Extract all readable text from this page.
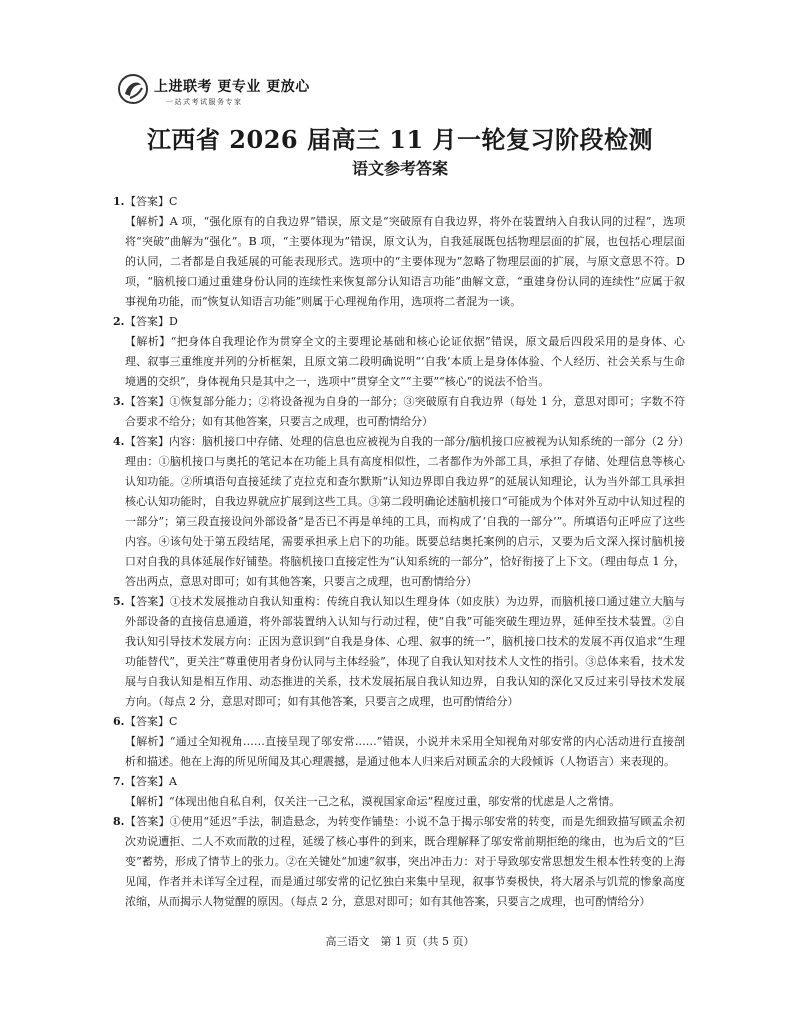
上进联考 更专业 更放心
一站式考试服务专家
江西省 2026 届高三 11 月一轮复习阶段检测
语文参考答案
1. 【答案】C

【解析】A 项，“强化原有的自我边界”错误，原文是“突破原有自我边界，将外在装置纳入自我认同的过程”，选项将“突破”曲解为“强化”。B 项，“主要体现为”错误，原文认为，自我延展既包括物理层面的扩展，也包括心理层面的认同，二者都是自我延展的可能表现形式。选项中的“主要体现为”忽略了物理层面的扩展，与原文意思不符。D 项，“脑机接口通过重建身份认同的连续性来恢复部分认知语言功能”曲解文意，“重建身份认同的连续性”应属于叙事视角功能，而“恢复认知语言功能”则属于心理视角作用，选项将二者混为一谈。

2. 【答案】D

【解析】“把身体自我理论作为贯穿全文的主要理论基础和核心论证依据”错误，原文最后四段采用的是身体、心理、叙事三重维度并列的分析框架，且原文第二段明确说明“‘自我’本质上是身体体验、个人经历、社会关系与生命境遇的交织”，身体视角只是其中之一，选项中“贯穿全文”“主要”“核心”的说法不恰当。

3. 【答案】①恢复部分能力；②将设备视为自身的一部分；③突破原有自我边界（每处 1 分，意思对即可；字数不符合要求不给分；如有其他答案，只要言之成理，也可酌情给分）

4. 【答案】内容：脑机接口中存储、处理的信息也应被视为自我的一部分/脑机接口应被视为认知系统的一部分（2 分）

理由：①脑机接口与奥托的笔记本在功能上具有高度相似性，二者都作为外部工具，承担了存储、处理信息等核心认知功能。②所填语句直接延续了克拉克和查尔默斯“认知边界即自我边界”的延展认知理论，认为当外部工具承担核心认知功能时，自我边界就应扩展到这些工具。③第二段明确论述脑机接口“可能成为个体对外互动中认知过程的一部分”；第三段直接设问外部设备“是否已不再是单纯的工具，而构成了‘自我的一部分’”。所填语句正呼应了这些内容。④该句处于第五段结尾，需要承担承上启下的功能。既要总结奥托案例的启示，又要为后文深入探讨脑机接口对自我的具体延展作好铺垫。将脑机接口直接定性为“认知系统的一部分”，恰好衔接了上下文。（理由每点 1 分，答出两点，意思对即可；如有其他答案，只要言之成理，也可酌情给分）

5. 【答案】①技术发展推动自我认知重构：传统自我认知以生理身体（如皮肤）为边界，而脑机接口通过建立大脑与外部设备的直接信息通道，将外部装置纳入认知与行动过程，使“自我”可能突破生理边界，延伸至技术装置。②自我认知引导技术发展方向：正因为意识到“自我是身体、心理、叙事的统一”，脑机接口技术的发展不再仅追求“生理功能替代”，更关注“尊重使用者身份认同与主体经验”，体现了自我认知对技术人文性的指引。③总体来看，技术发展与自我认知是相互作用、动态推进的关系，技术发展拓展自我认知边界，自我认知的深化又反过来引导技术发展方向。（每点 2 分，意思对即可；如有其他答案，只要言之成理，也可酌情给分）

6. 【答案】C

【解析】“通过全知视角……直接呈现了邬安常……”错误，小说并未采用全知视角对邬安常的内心活动进行直接剖析和描述。他在上海的所见所闻及其心理震撼，是通过他本人归来后对顾孟余的大段倾诉（人物语言）来表现的。

7. 【答案】A

【解析】“体现出他自私自利，仅关注一己之私，漠视国家命运”程度过重，邬安常的忧虑是人之常情。

8. 【答案】①使用“延迟”手法，制造悬念，为转变作铺垫：小说不急于揭示邬安常的转变，而是先细致描写顾孟余初次劝说遭拒、二人不欢而散的过程，延缓了核心事件的到来，既合理解释了邬安常前期拒绝的缘由，也为后文的“巨变”蓄势，形成了情节上的张力。②在关键处“加速”叙事，突出冲击力：对于导致邬安常思想发生根本性转变的上海见闻，作者并未详写全过程，而是通过邬安常的记忆独白来集中呈现，叙事节奏极快，将大屠杀与饥荒的惨象高度浓缩，从而揭示人物觉醒的原因。（每点 2 分，意思对即可；如有其他答案，只要言之成理，也可酌情给分）

高三语文　第 1 页（共 5 页）
